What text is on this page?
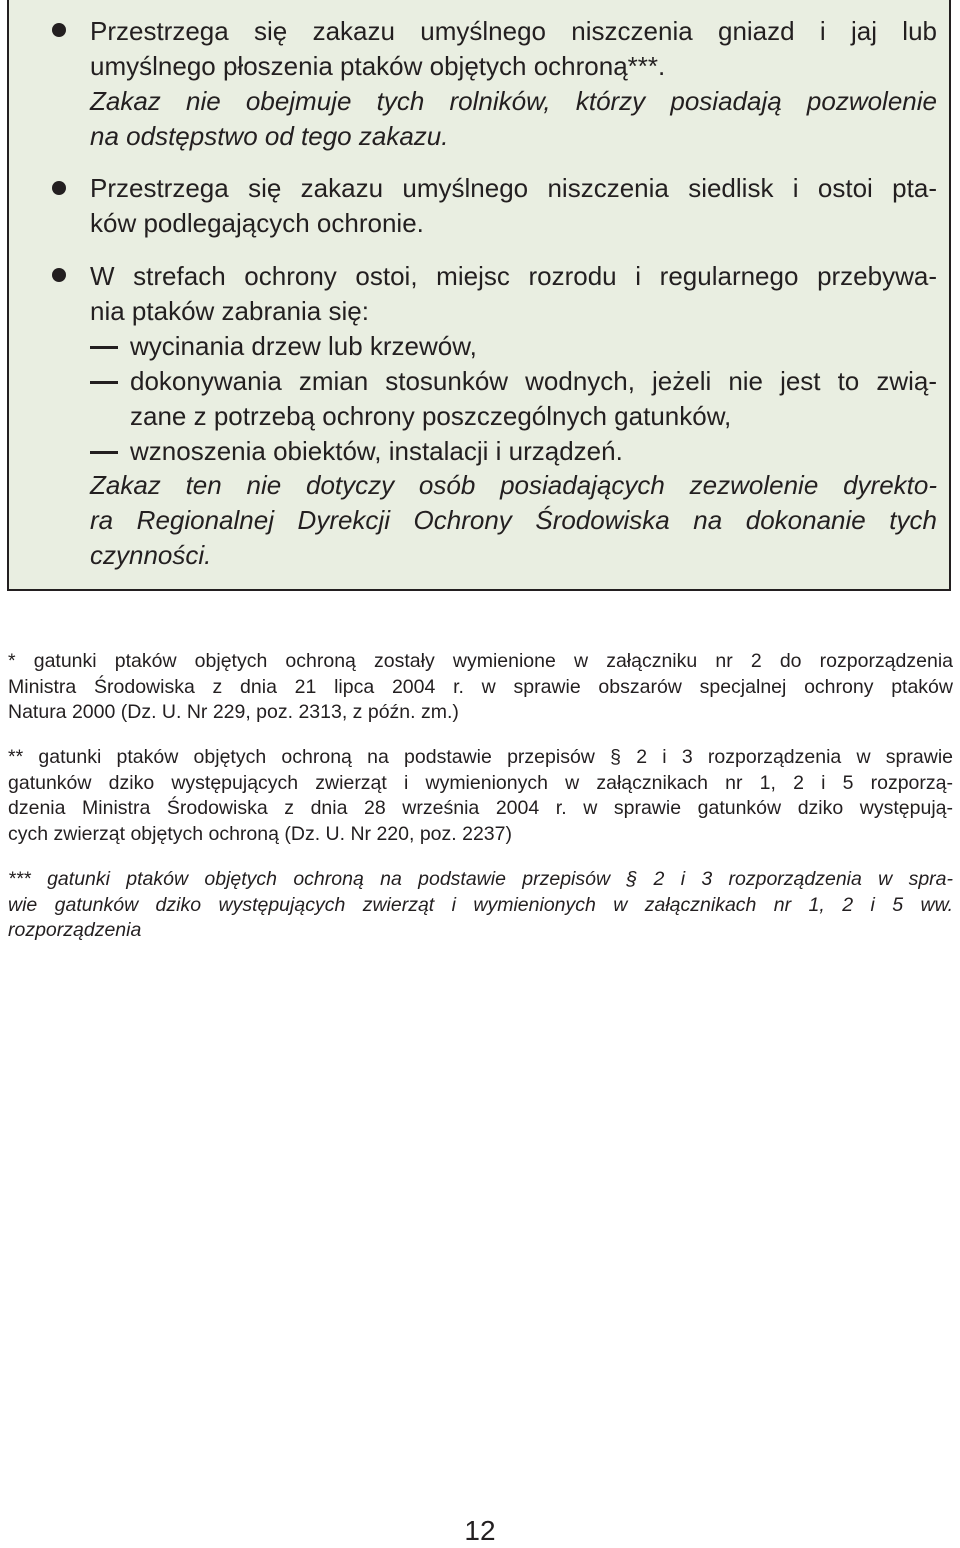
Przestrzega się zakazu umyślnego niszczenia gniazd i jaj lub
umyślnego płoszenia ptaków objętych ochroną***.
Zakaz nie obejmuje tych rolników, którzy posiadają pozwolenie
na odstępstwo od tego zakazu.
Przestrzega się zakazu umyślnego niszczenia siedlisk i ostoi pta-
ków podlegających ochronie.
W strefach ochrony ostoi, miejsc rozrodu i regularnego przebywa-
nia ptaków zabrania się:
wycinania drzew lub krzewów,
dokonywania zmian stosunków wodnych, jeżeli nie jest to zwią-
zane z potrzebą ochrony poszczególnych gatunków,
wznoszenia obiektów, instalacji i urządzeń.
Zakaz ten nie dotyczy osób posiadających zezwolenie dyrekto-
ra Regionalnej Dyrekcji Ochrony Środowiska na dokonanie tych
czynności.
* gatunki ptaków objętych ochroną zostały wymienione w załączniku nr 2 do rozporządzenia
Ministra Środowiska z dnia 21 lipca 2004 r. w sprawie obszarów specjalnej ochrony ptaków
Natura 2000 (Dz. U. Nr 229, poz. 2313, z późn. zm.)
** gatunki ptaków objętych ochroną na podstawie przepisów § 2 i 3 rozporządzenia w sprawie
gatunków dziko występujących zwierząt i wymienionych w załącznikach nr 1, 2 i 5 rozporzą-
dzenia Ministra Środowiska z dnia 28 września 2004 r. w sprawie gatunków dziko występują-
cych zwierząt objętych ochroną (Dz. U. Nr 220, poz. 2237)
*** gatunki ptaków objętych ochroną na podstawie przepisów § 2 i 3 rozporządzenia w spra-
wie gatunków dziko występujących zwierząt i wymienionych w załącznikach nr 1, 2 i 5 ww.
rozporządzenia
12
